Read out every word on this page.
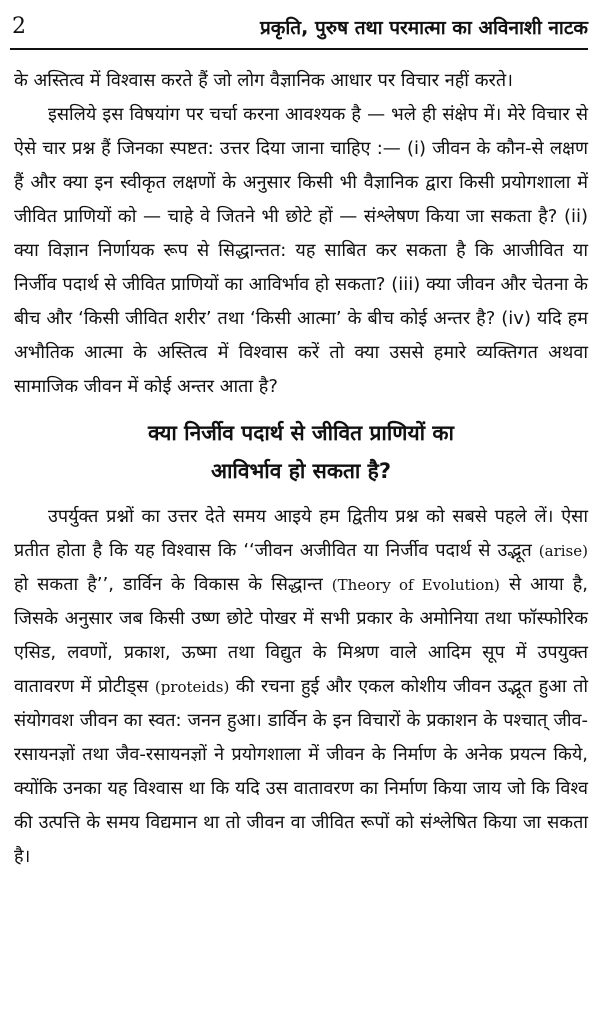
2	प्रकृति, पुरुष तथा परमात्मा का अविनाशी नाटक

के अस्तित्व में विश्वास करते हैं जो लोग वैज्ञानिक आधार पर विचार नहीं करते।

इसलिये इस विषयांग पर चर्चा करना आवश्यक है — भले ही संक्षेप में। मेरे विचार से ऐसे चार प्रश्न हैं जिनका स्पष्टत: उत्तर दिया जाना चाहिए :— (i) जीवन के कौन-से लक्षण हैं और क्या इन स्वीकृत लक्षणों के अनुसार किसी भी वैज्ञानिक द्वारा किसी प्रयोगशाला में जीवित प्राणियों को — चाहे वे जितने भी छोटे हों — संश्लेषण किया जा सकता है? (ii) क्या विज्ञान निर्णायक रूप से सिद्धान्तत: यह साबित कर सकता है कि आजीवित या निर्जीव पदार्थ से जीवित प्राणियों का आविर्भाव हो सकता? (iii) क्या जीवन और चेतना के बीच और ‘किसी जीवित शरीर’ तथा ‘किसी आत्मा’ के बीच कोई अन्तर है? (iv) यदि हम अभौतिक आत्मा के अस्तित्व में विश्वास करें तो क्या उससे हमारे व्यक्तिगत अथवा सामाजिक जीवन में कोई अन्तर आता है?

क्या निर्जीव पदार्थ से जीवित प्राणियों का
आविर्भाव हो सकता है?

उपर्युक्त प्रश्नों का उत्तर देते समय आइये हम द्वितीय प्रश्न को सबसे पहले लें। ऐसा प्रतीत होता है कि यह विश्वास कि ‘‘जीवन अजीवित या निर्जीव पदार्थ से उद्भूत (arise) हो सकता है’’, डार्विन के विकास के सिद्धान्त (Theory of Evolution) से आया है, जिसके अनुसार जब किसी उष्ण छोटे पोखर में सभी प्रकार के अमोनिया तथा फॉस्फोरिक एसिड, लवणों, प्रकाश, ऊष्मा तथा विद्युत के मिश्रण वाले आदिम सूप में उपयुक्त वातावरण में प्रोटीड्स (proteids) की रचना हुई और एकल कोशीय जीवन उद्भूत हुआ तो संयोगवश जीवन का स्वत: जनन हुआ। डार्विन के इन विचारों के प्रकाशन के पश्चात् जीव-रसायनज्ञों तथा जैव-रसायनज्ञों ने प्रयोगशाला में जीवन के निर्माण के अनेक प्रयत्न किये, क्योंकि उनका यह विश्वास था कि यदि उस वातावरण का निर्माण किया जाय जो कि विश्व की उत्पत्ति के समय विद्यमान था तो जीवन वा जीवित रूपों को संश्लेषित किया जा सकता है।
